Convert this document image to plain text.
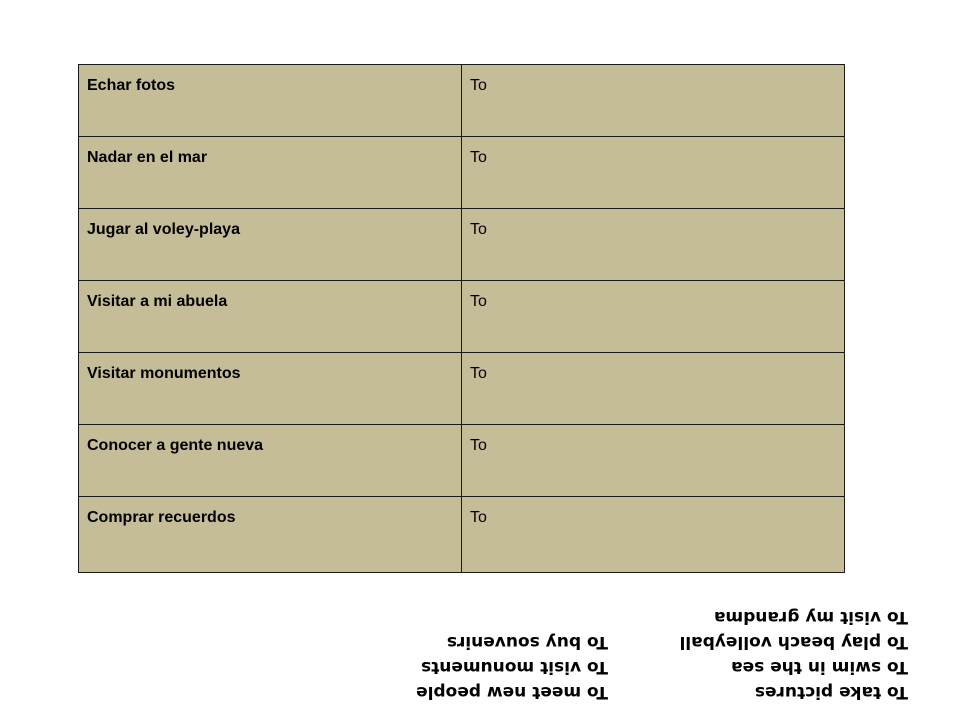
Echar fotos	To
Nadar en el mar	To
Jugar al voley-playa	To
Visitar a mi abuela	To
Visitar monumentos	To
Conocer a gente nueva	To
Comprar recuerdos	To
To take pictures
To swim in the sea
To play beach volleyball
To visit my grandma
To meet new people
To visit monuments
To buy souvenirs
